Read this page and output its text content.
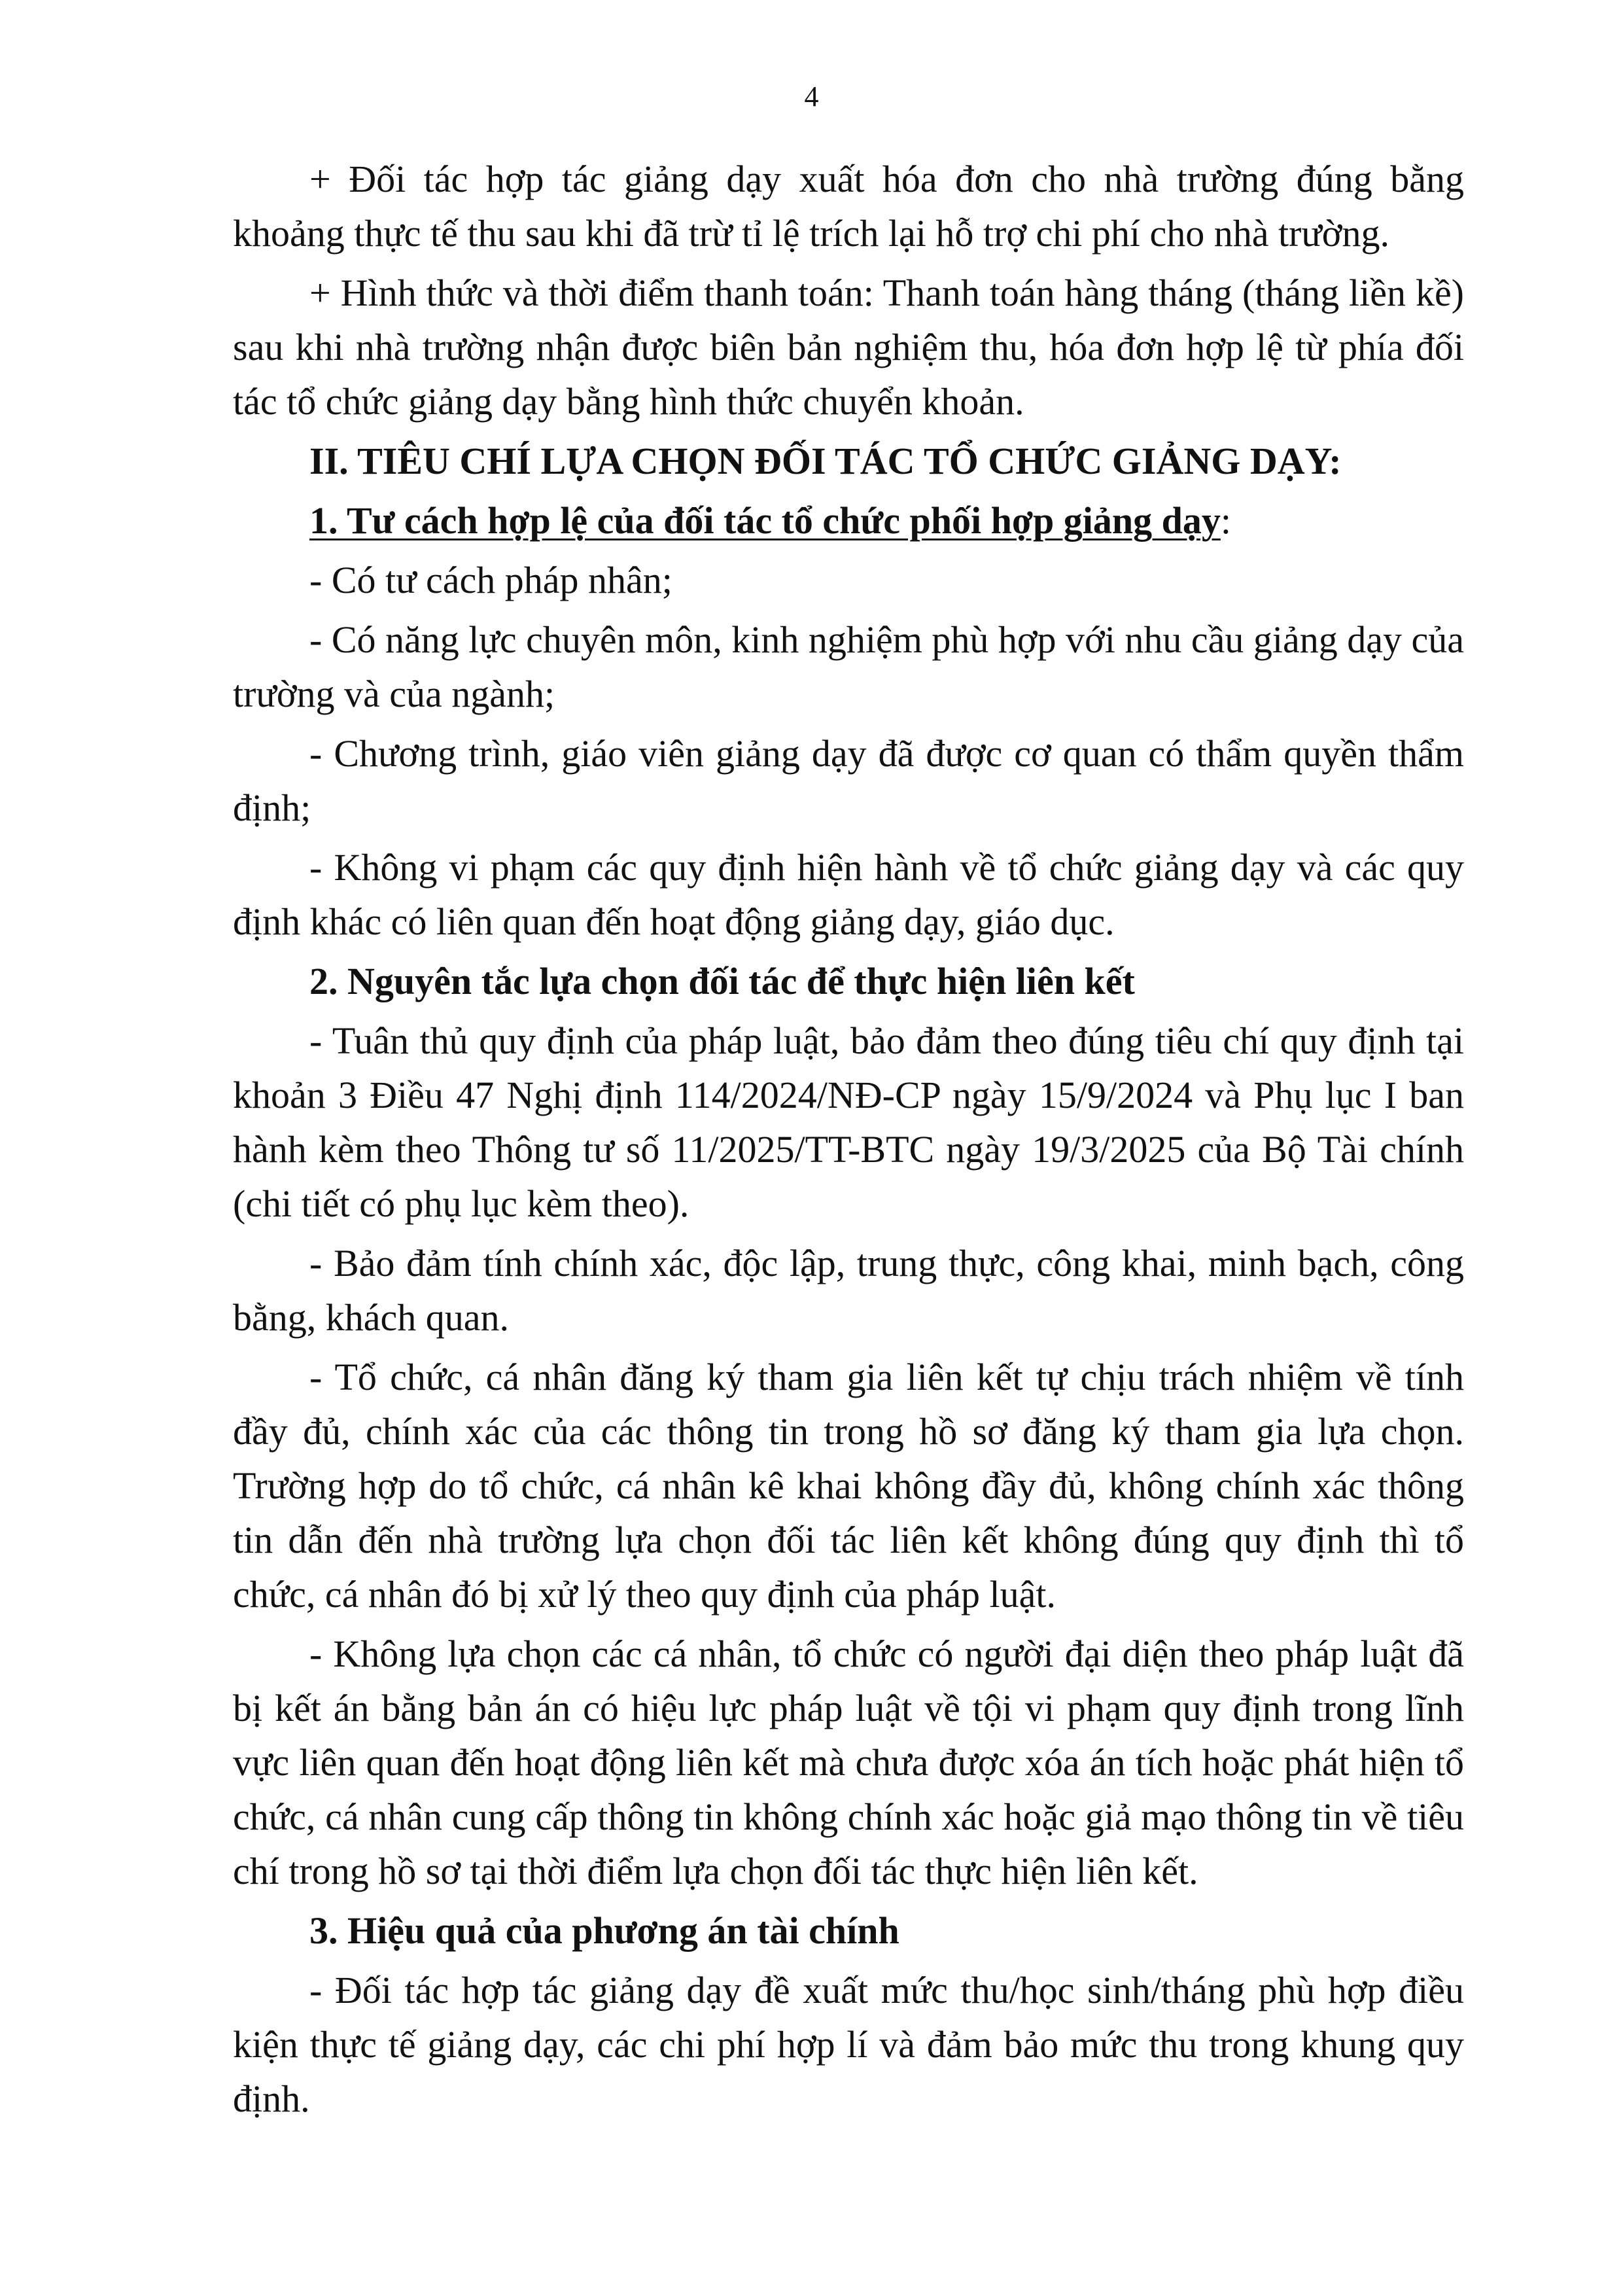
4

+ Đối tác hợp tác giảng dạy xuất hóa đơn cho nhà trường đúng bằng khoảng thực tế thu sau khi đã trừ tỉ lệ trích lại hỗ trợ chi phí cho nhà trường.

+ Hình thức và thời điểm thanh toán: Thanh toán hàng tháng (tháng liền kề) sau khi nhà trường nhận được biên bản nghiệm thu, hóa đơn hợp lệ từ phía đối tác tổ chức giảng dạy bằng hình thức chuyển khoản.

II. TIÊU CHÍ LỰA CHỌN ĐỐI TÁC TỔ CHỨC GIẢNG DẠY:

1. Tư cách hợp lệ của đối tác tổ chức phối hợp giảng dạy:

- Có tư cách pháp nhân;

- Có năng lực chuyên môn, kinh nghiệm phù hợp với nhu cầu giảng dạy của trường và của ngành;

- Chương trình, giáo viên giảng dạy đã được cơ quan có thẩm quyền thẩm định;

- Không vi phạm các quy định hiện hành về tổ chức giảng dạy và các quy định khác có liên quan đến hoạt động giảng dạy, giáo dục.

2. Nguyên tắc lựa chọn đối tác để thực hiện liên kết

- Tuân thủ quy định của pháp luật, bảo đảm theo đúng tiêu chí quy định tại khoản 3 Điều 47 Nghị định 114/2024/NĐ-CP ngày 15/9/2024 và Phụ lục I ban hành kèm theo Thông tư số 11/2025/TT-BTC ngày 19/3/2025 của Bộ Tài chính (chi tiết có phụ lục kèm theo).

- Bảo đảm tính chính xác, độc lập, trung thực, công khai, minh bạch, công bằng, khách quan.

- Tổ chức, cá nhân đăng ký tham gia liên kết tự chịu trách nhiệm về tính đầy đủ, chính xác của các thông tin trong hồ sơ đăng ký tham gia lựa chọn. Trường hợp do tổ chức, cá nhân kê khai không đầy đủ, không chính xác thông tin dẫn đến nhà trường lựa chọn đối tác liên kết không đúng quy định thì tổ chức, cá nhân đó bị xử lý theo quy định của pháp luật.

- Không lựa chọn các cá nhân, tổ chức có người đại diện theo pháp luật đã bị kết án bằng bản án có hiệu lực pháp luật về tội vi phạm quy định trong lĩnh vực liên quan đến hoạt động liên kết mà chưa được xóa án tích hoặc phát hiện tổ chức, cá nhân cung cấp thông tin không chính xác hoặc giả mạo thông tin về tiêu chí trong hồ sơ tại thời điểm lựa chọn đối tác thực hiện liên kết.

3. Hiệu quả của phương án tài chính

- Đối tác hợp tác giảng dạy đề xuất mức thu/học sinh/tháng phù hợp điều kiện thực tế giảng dạy, các chi phí hợp lí và đảm bảo mức thu trong khung quy định.
